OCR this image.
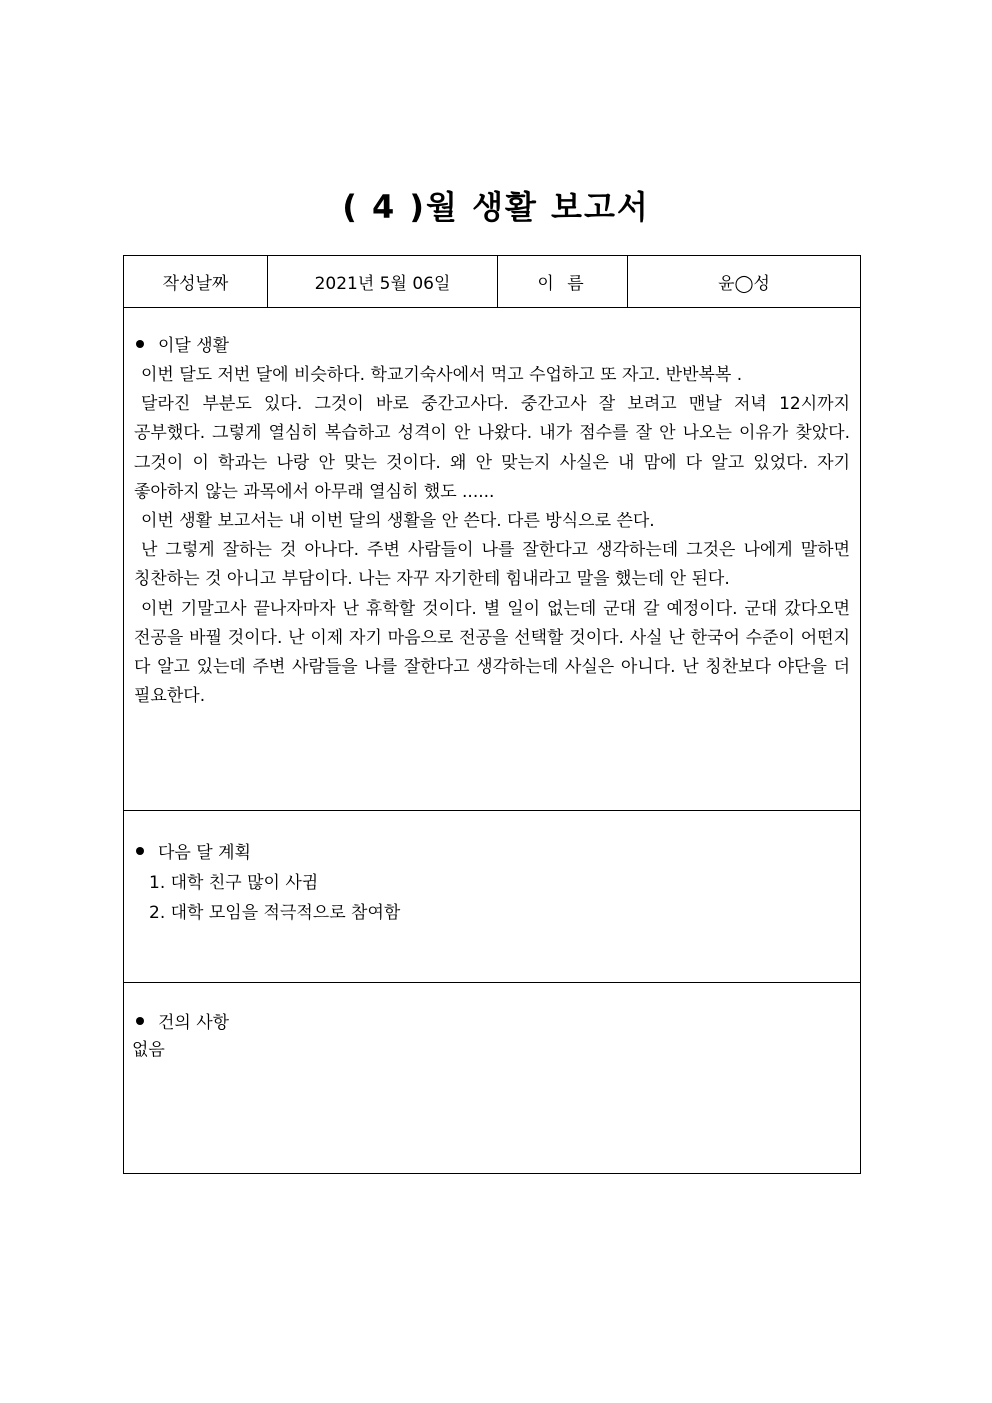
( 4 )월 생활 보고서
작성날짜	2021년 5월 06일	이 름	윤◯성
이달 생활

이번 달도 저번 달에 비슷하다. 학교기숙사에서 먹고 수업하고 또 자고. 반반복복 .

달라진 부분도 있다. 그것이 바로 중간고사다. 중간고사 잘 보려고 맨날 저녁 12시까지 공부했다. 그렇게 열심히 복습하고 성격이 안 나왔다. 내가 점수를 잘 안 나오는 이유가 찾았다. 그것이 이 학과는 나랑 안 맞는 것이다. 왜 안 맞는지 사실은 내 맘에 다 알고 있었다. 자기 좋아하지 않는 과목에서 아무래 열심히 했도 ......

이번 생활 보고서는 내 이번 달의 생활을 안 쓴다. 다른 방식으로 쓴다.

난 그렇게 잘하는 것 아나다. 주변 사람들이 나를 잘한다고 생각하는데 그것은 나에게 말하면 칭찬하는 것 아니고 부담이다. 나는 자꾸 자기한테 힘내라고 말을 했는데 안 된다.

이번 기말고사 끝나자마자 난 휴학할 것이다. 별 일이 없는데 군대 갈 예정이다. 군대 갔다오면 전공을 바꿜 것이다. 난 이제 자기 마음으로 전공을 선택할 것이다. 사실 난 한국어 수준이 어떤지 다 알고 있는데 주변 사람들을 나를 잘한다고 생각하는데 사실은 아니다. 난 칭찬보다 야단을 더 필요한다.

다음 달 계획
1. 대학 친구 많이 사귐
2. 대학 모임을 적극적으로 참여함
건의 사항
없음
